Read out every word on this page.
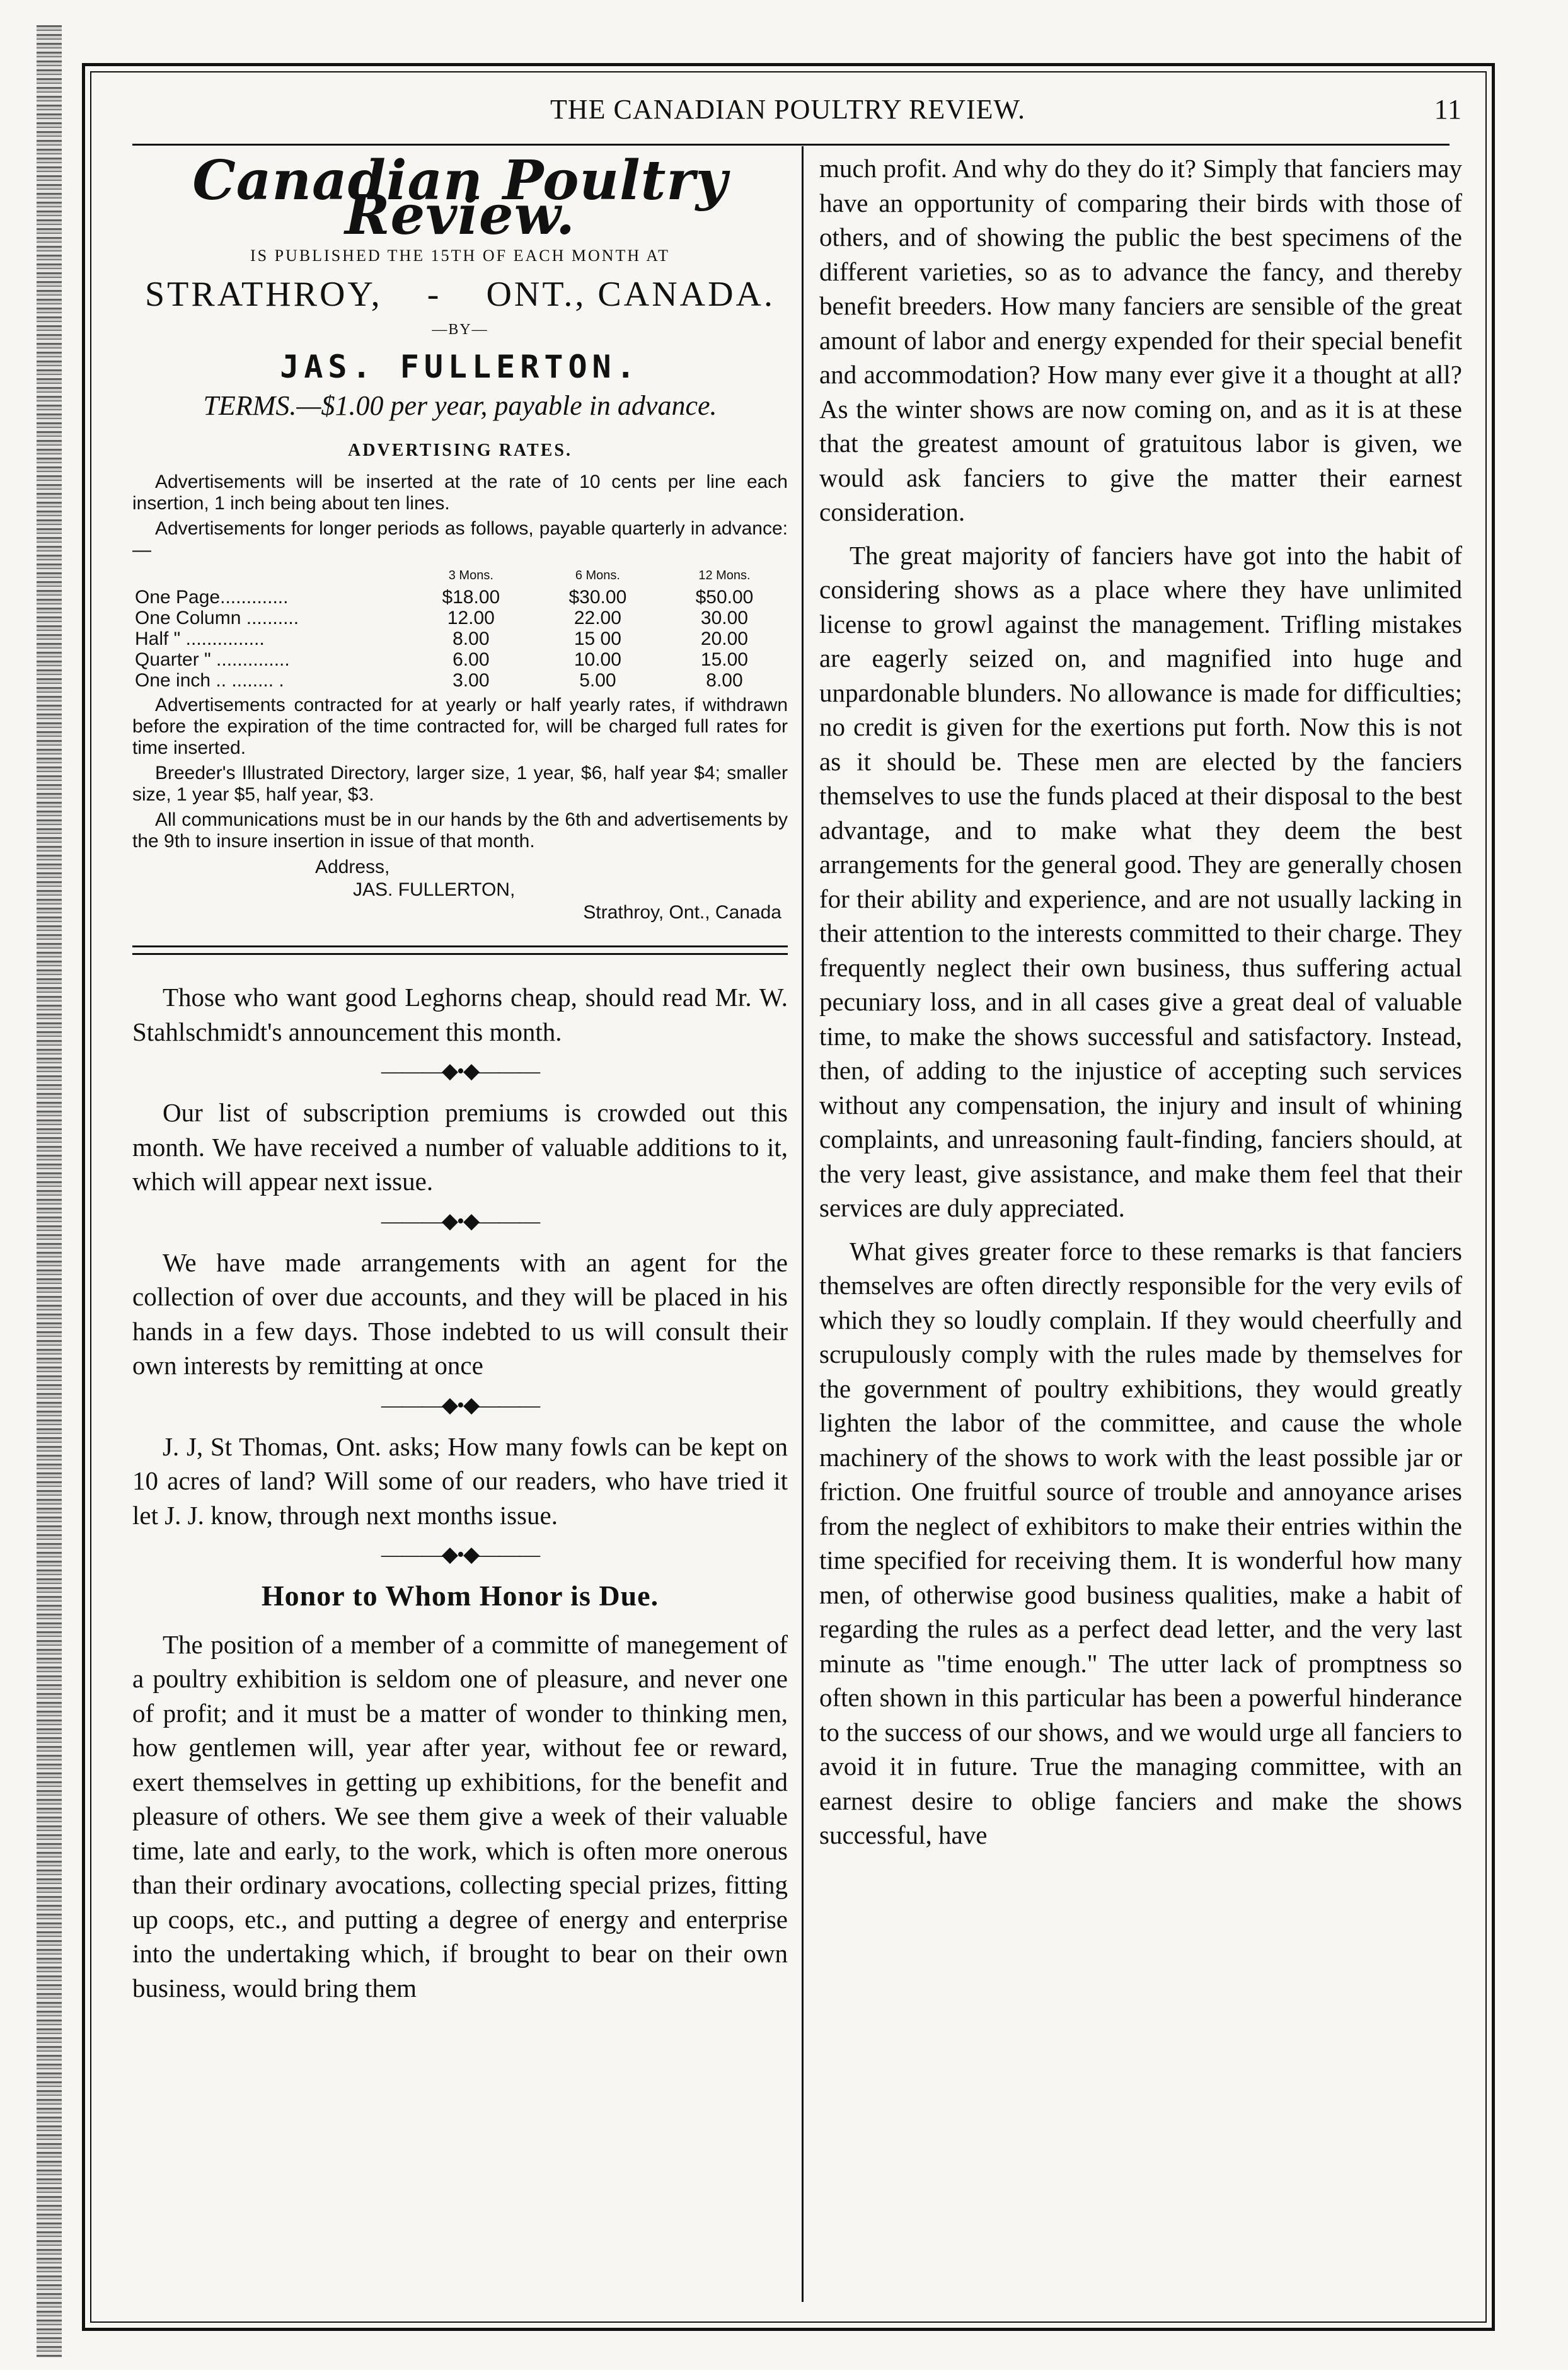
THE CANADIAN POULTRY REVIEW.	11
Canadian Poultry Review.
IS PUBLISHED THE 15TH OF EACH MONTH AT
STRATHROY, - ONT., CANADA.
—BY—
JAS. FULLERTON.
TERMS.—$1.00 per year, payable in advance.
ADVERTISING RATES.

Advertisements will be inserted at the rate of 10 cents per line each insertion, 1 inch being about ten lines.

Advertisements for longer periods as follows, payable quarterly in advance:—

	3 Mons.	6 Mons.	12 Mons.
One Page.............	$18.00	$30.00	$50.00
One Column ..........	12.00	22.00	30.00
Half " ...............	8.00	15 00	20.00
Quarter " ..............	6.00	10.00	15.00
One inch .. ........ .	3.00	5.00	8.00

Advertisements contracted for at yearly or half yearly rates, if withdrawn before the expiration of the time contracted for, will be charged full rates for time inserted.

Breeder's Illustrated Directory, larger size, 1 year, $6, half year $4; smaller size, 1 year $5, half year, $3.

All communications must be in our hands by the 6th and advertisements by the 9th to insure insertion in issue of that month.

Address,
JAS. FULLERTON,
Strathroy, Ont., Canada

Those who want good Leghorns cheap, should read Mr. W. Stahlschmidt's announcement this month.

———◆•◆———

Our list of subscription premiums is crowded out this month. We have received a number of valuable additions to it, which will appear next issue.

———◆•◆———

We have made arrangements with an agent for the collection of over due accounts, and they will be placed in his hands in a few days. Those indebted to us will consult their own interests by remitting at once

———◆•◆———

J. J, St Thomas, Ont. asks; How many fowls can be kept on 10 acres of land? Will some of our readers, who have tried it let J. J. know, through next months issue.

———◆•◆———
Honor to Whom Honor is Due.

The position of a member of a committe of manegement of a poultry exhibition is seldom one of pleasure, and never one of profit; and it must be a matter of wonder to thinking men, how gentlemen will, year after year, without fee or reward, exert themselves in getting up exhibitions, for the benefit and pleasure of others. We see them give a week of their valuable time, late and early, to the work, which is often more onerous than their ordinary avocations, collecting special prizes, fitting up coops, etc., and putting a degree of energy and enterprise into the undertaking which, if brought to bear on their own business, would bring them

much profit. And why do they do it? Simply that fanciers may have an opportunity of comparing their birds with those of others, and of showing the public the best specimens of the different varieties, so as to advance the fancy, and thereby benefit breeders. How many fanciers are sensible of the great amount of labor and energy expended for their special benefit and accommodation? How many ever give it a thought at all? As the winter shows are now coming on, and as it is at these that the greatest amount of gratuitous labor is given, we would ask fanciers to give the matter their earnest consideration.

The great majority of fanciers have got into the habit of considering shows as a place where they have unlimited license to growl against the management. Trifling mistakes are eagerly seized on, and magnified into huge and unpardonable blunders. No allowance is made for difficulties; no credit is given for the exertions put forth. Now this is not as it should be. These men are elected by the fanciers themselves to use the funds placed at their disposal to the best advantage, and to make what they deem the best arrangements for the general good. They are generally chosen for their ability and experience, and are not usually lacking in their attention to the interests committed to their charge. They frequently neglect their own business, thus suffering actual pecuniary loss, and in all cases give a great deal of valuable time, to make the shows successful and satisfactory. Instead, then, of adding to the injustice of accepting such services without any compensation, the injury and insult of whining complaints, and unreasoning fault-finding, fanciers should, at the very least, give assistance, and make them feel that their services are duly appreciated.

What gives greater force to these remarks is that fanciers themselves are often directly responsible for the very evils of which they so loudly complain. If they would cheerfully and scrupulously comply with the rules made by themselves for the government of poultry exhibitions, they would greatly lighten the labor of the committee, and cause the whole machinery of the shows to work with the least possible jar or friction. One fruitful source of trouble and annoyance arises from the neglect of exhibitors to make their entries within the time specified for receiving them. It is wonderful how many men, of otherwise good business qualities, make a habit of regarding the rules as a perfect dead letter, and the very last minute as "time enough." The utter lack of promptness so often shown in this particular has been a powerful hinderance to the success of our shows, and we would urge all fanciers to avoid it in future. True the managing committee, with an earnest desire to oblige fanciers and make the shows successful, have
